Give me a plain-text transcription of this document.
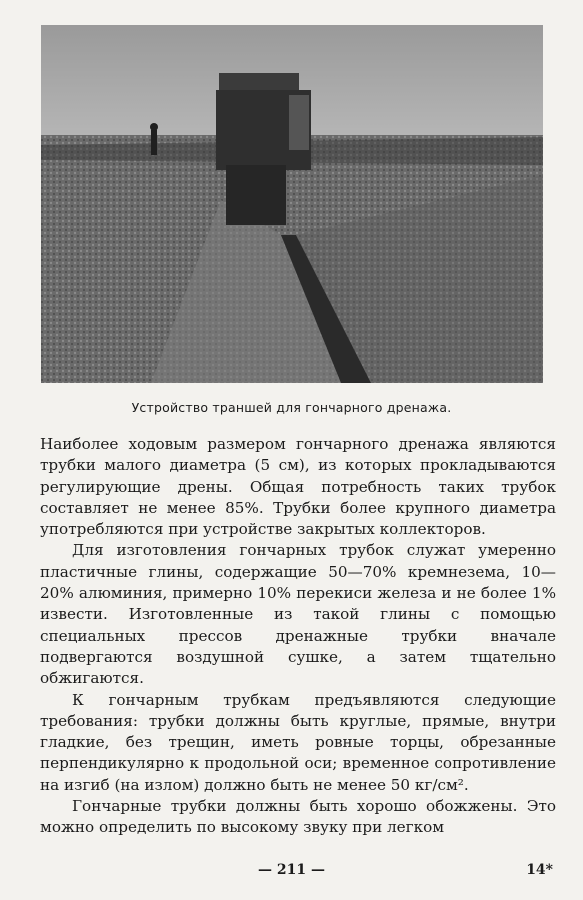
Устройство траншей для гончарного дренажа.

Наиболее ходовым размером гончарного дренажа являются трубки малого диаметра (5 см), из которых прокладываются регулирующие дрены. Общая потребность таких трубок составляет не менее 85%. Трубки более крупного диаметра употребляются при устройстве закрытых коллекторов.

Для изготовления гончарных трубок служат умеренно пластичные глины, содержащие 50—70% кремнезема, 10—20% алюминия, примерно 10% перекиси железа и не более 1% извести. Изготовленные из такой глины с помощью специальных прессов дренажные трубки вначале подвергаются воздушной сушке, а затем тщательно обжигаются.

К гончарным трубкам предъявляются следующие требования: трубки должны быть круглые, прямые, внутри гладкие, без трещин, иметь ровные торцы, обрезанные перпендикулярно к продольной оси; временное сопротивление на изгиб (на излом) должно быть не менее 50 кг/см².

Гончарные трубки должны быть хорошо обожжены. Это можно определить по высокому звуку при легком

— 211 —	14*
